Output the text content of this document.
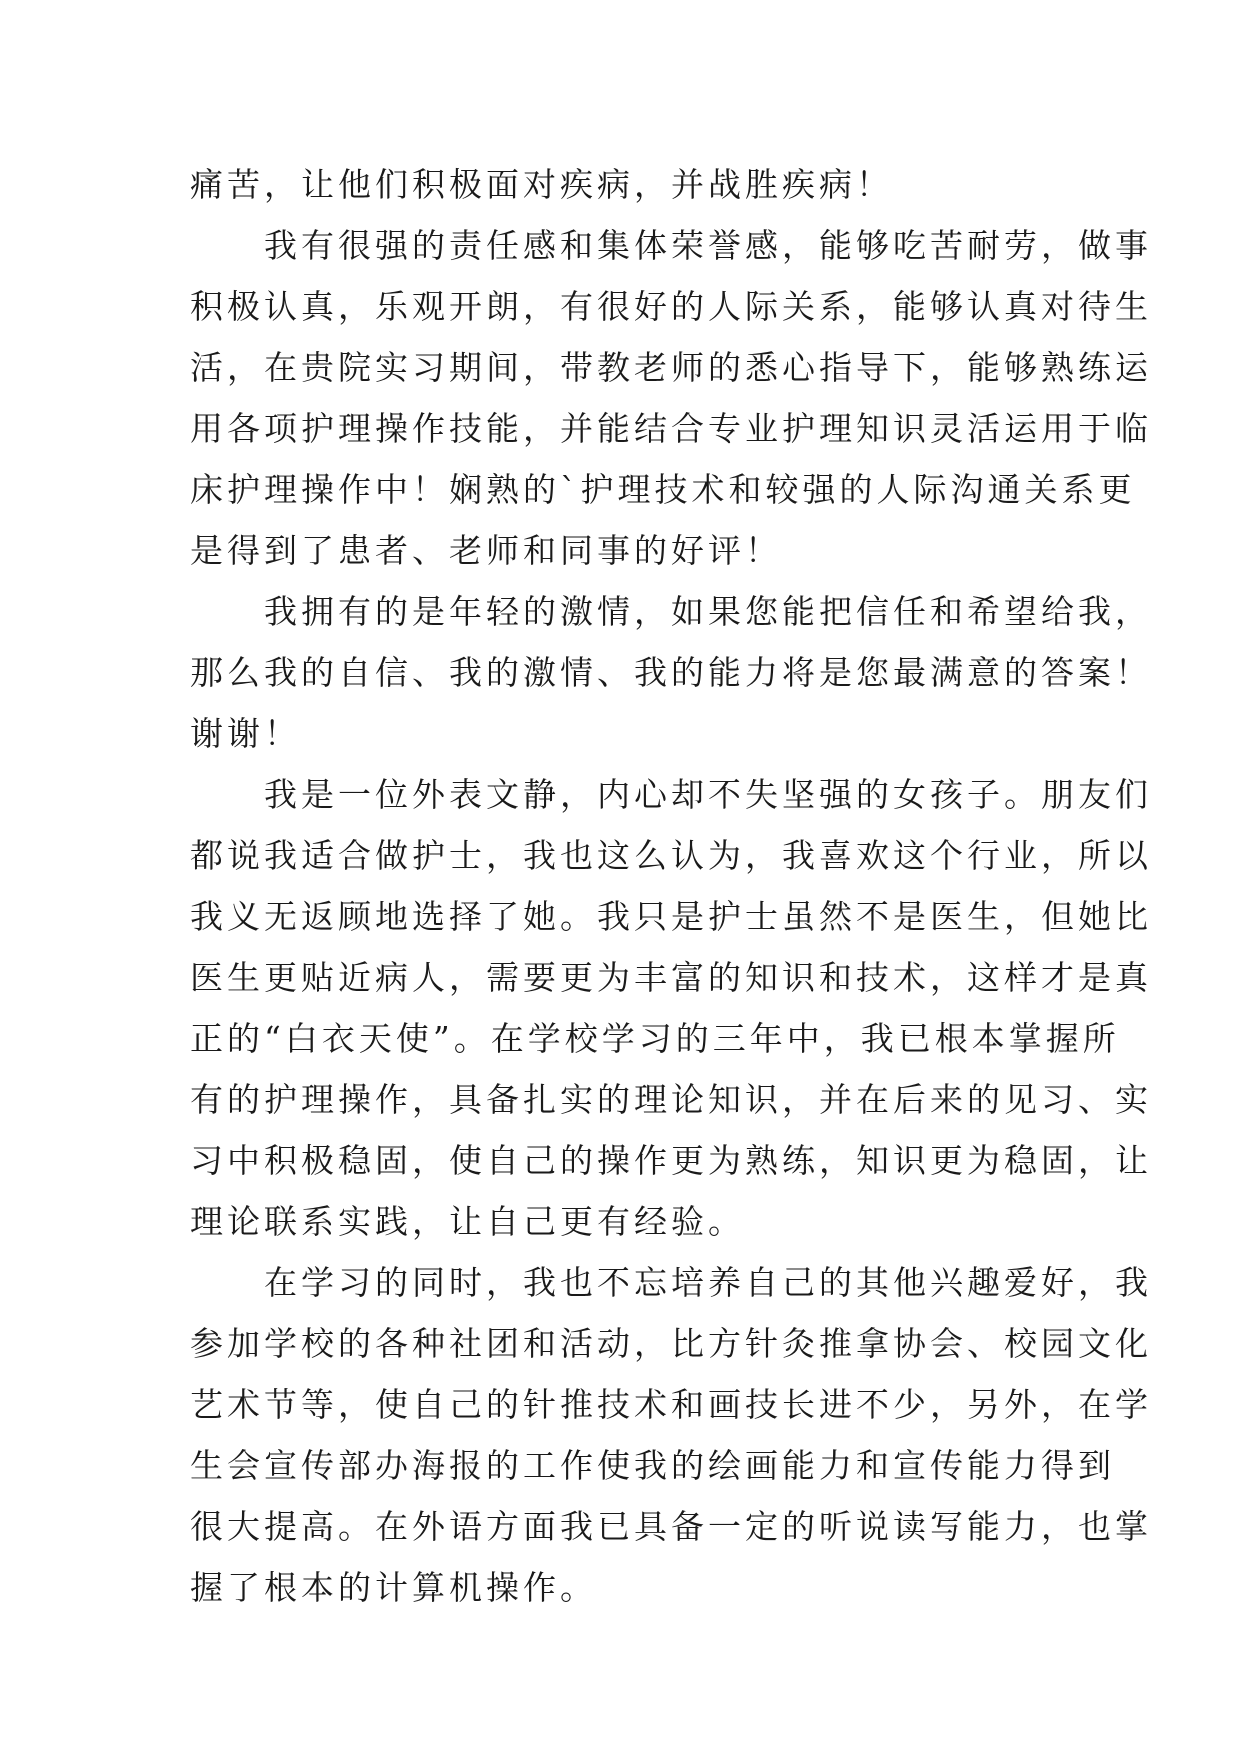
痛苦，让他们积极面对疾病，并战胜疾病！

　　我有很强的责任感和集体荣誉感，能够吃苦耐劳，做事
积极认真，乐观开朗，有很好的人际关系，能够认真对待生
活，在贵院实习期间，带教老师的悉心指导下，能够熟练运
用各项护理操作技能，并能结合专业护理知识灵活运用于临
床护理操作中！娴熟的`护理技术和较强的人际沟通关系更
是得到了患者、老师和同事的好评！

　　我拥有的是年轻的激情，如果您能把信任和希望给我，
那么我的自信、我的激情、我的能力将是您最满意的答案！
谢谢！

　　我是一位外表文静，内心却不失坚强的女孩子。朋友们
都说我适合做护士，我也这么认为，我喜欢这个行业，所以
我义无返顾地选择了她。我只是护士虽然不是医生，但她比
医生更贴近病人，需要更为丰富的知识和技术，这样才是真
正的“白衣天使”。在学校学习的三年中，我已根本掌握所
有的护理操作，具备扎实的理论知识，并在后来的见习、实
习中积极稳固，使自己的操作更为熟练，知识更为稳固，让
理论联系实践，让自己更有经验。

　　在学习的同时，我也不忘培养自己的其他兴趣爱好，我
参加学校的各种社团和活动，比方针灸推拿协会、校园文化
艺术节等，使自己的针推技术和画技长进不少，另外，在学
生会宣传部办海报的工作使我的绘画能力和宣传能力得到
很大提高。在外语方面我已具备一定的听说读写能力，也掌
握了根本的计算机操作。
